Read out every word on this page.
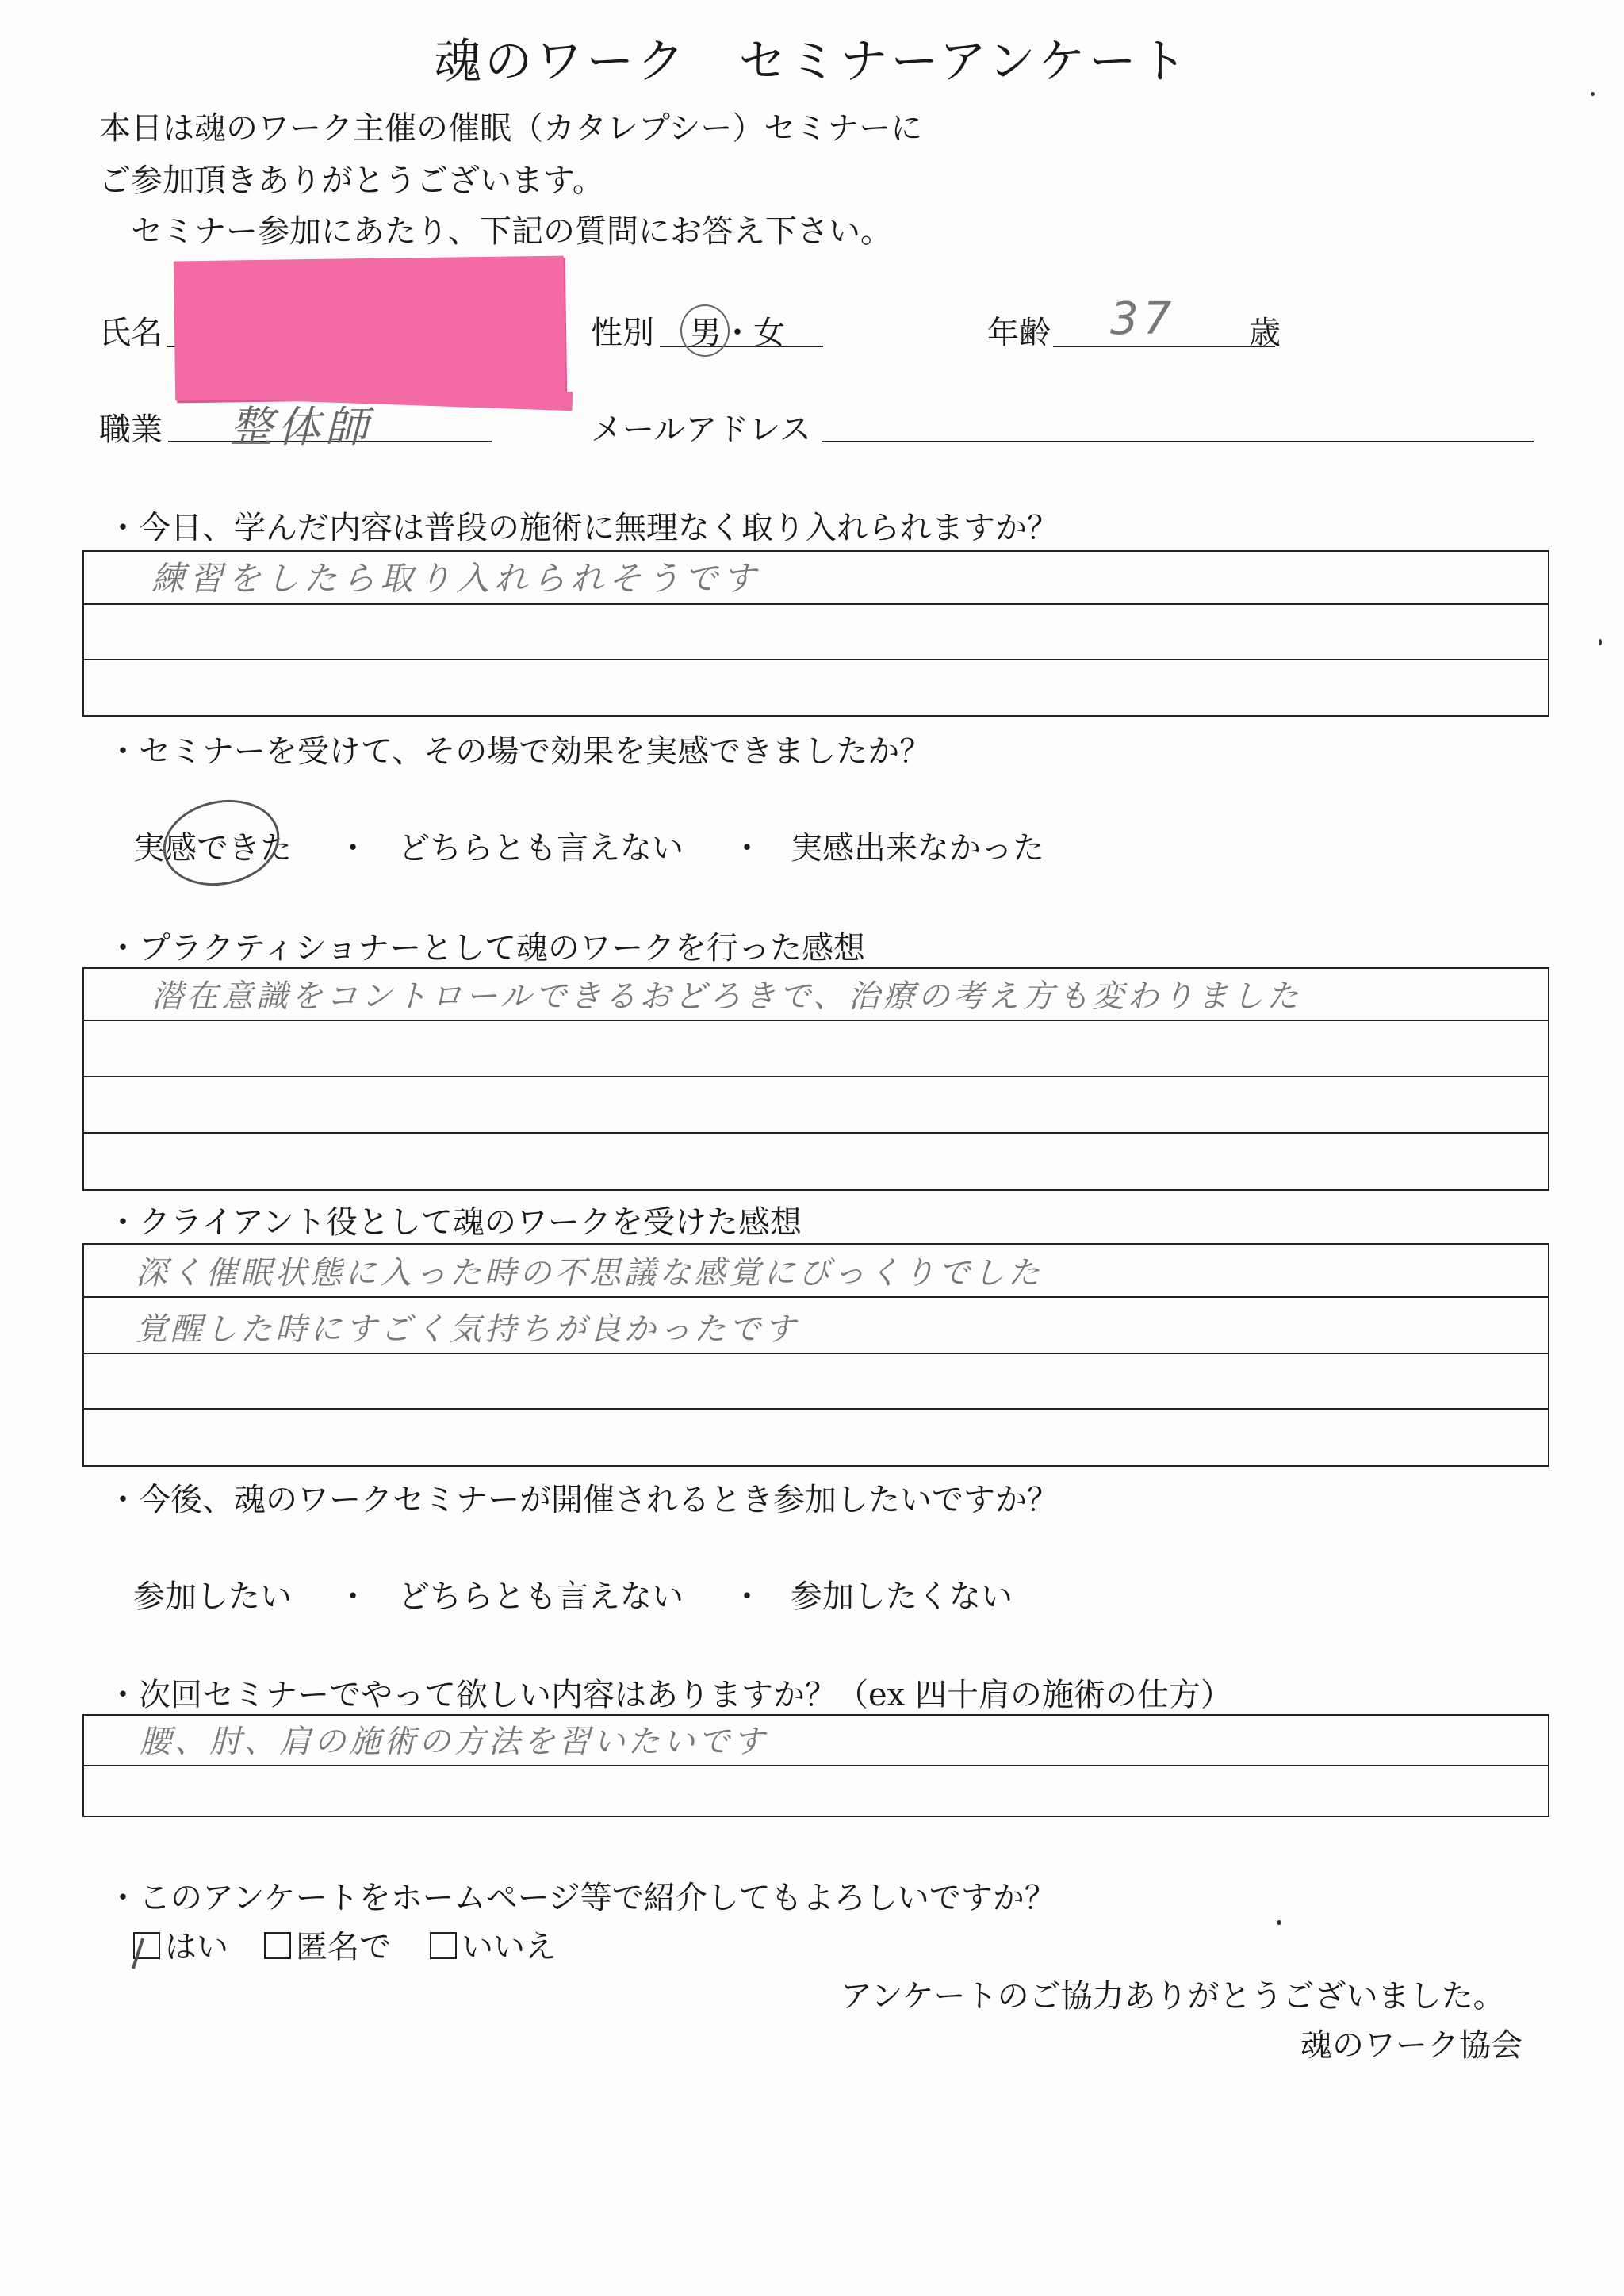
魂のワーク　セミナーアンケート
本日は魂のワーク主催の催眠（カタレプシー）セミナーに
ご参加頂きありがとうございます。
　セミナー参加にあたり、下記の質問にお答え下さい。
氏名	性別 男・女	年齢 37 歳
職業 整体師	メールアドレス
・今日、学んだ内容は普段の施術に無理なく取り入れられますか？
練習をしたら取り入れられそうです
・セミナーを受けて、その場で効果を実感できましたか？
実感できた ・ どちらとも言えない ・ 実感出来なかった
・プラクティショナーとして魂のワークを行った感想
潜在意識をコントロールできるおどろきで、治療の考え方も変わりました
・クライアント役として魂のワークを受けた感想
深く催眠状態に入った時の不思議な感覚にびっくりでした
覚醒した時にすごく気持ちが良かったです
・今後、魂のワークセミナーが開催されるとき参加したいですか？
参加したい ・ どちらとも言えない ・ 参加したくない
・次回セミナーでやって欲しい内容はありますか？（ex 四十肩の施術の仕方）
腰、肘、肩の施術の方法を習いたいです
・このアンケートをホームページ等で紹介してもよろしいですか？
はい	匿名で	いいえ
アンケートのご協力ありがとうございました。
魂のワーク協会
